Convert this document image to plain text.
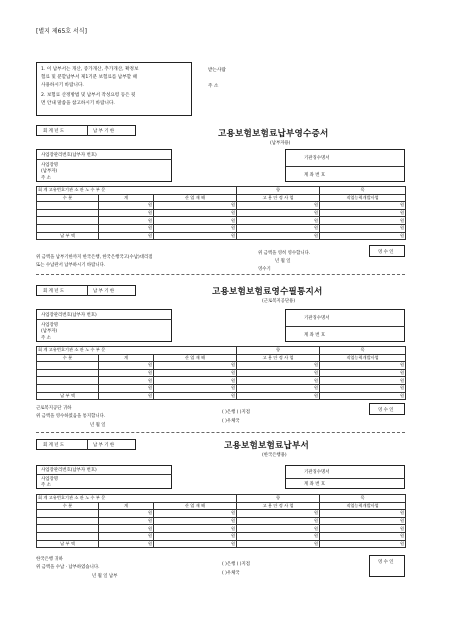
[별지 제65호 서식]
1. 이 납부서는 개산, 증가개산, 추가개산, 확정보
험료 및 분할납부서 제1기분 보험료를 납부할 때
사용하시기 바랍니다.
2. 보험료 산정방법 및 납부서 작성요령 등은 뒷
면 안내 말씀을 참고하시기 바랍니다.
받는사람
주 소
회 계 년 도	납 부 기 한	고용보험보험료납부영수증서
(납부자용)
사업장관리번호(납부자 번호)
사업장명
(납부자)
주 소
기관징수명서
계 좌 번 호
회 계 고유번호기관 소 관 노 수 부 문			항	목
수 분	계	산 업 재 해	고 용 안 정 사 업	직업능력개발사업
	원	원	원	원
	원	원	원	원
	원	원	원	원
	원	원	원	원
납 부 액	원	원	원	원
위 금액을 납부기한까지 한국은행, 한국은행국고(수납)대리점
또는 수납관서 납부하시기 바랍니다.
위 금액을 영히 영수합니다.
년 월 일
영수기
영 수 인
회 계 년 도	납 부 기 한	고용보험보험료영수필통지서
(근로복지공단용)
사업장관리번호(납부자 번호)
사업장명
(납부자)
주 소
기관징수명서
계 좌 번 호
회 계 고유번호기관 소 관 노 수 부 문			항	목
수 분	계	산 업 재 해	고 용 안 정 사 업	직업능력개발사업
	원	원	원	원
	원	원	원	원
	원	원	원	원
	원	원	원	원
납 부 액	원	원	원	원
근로복지공단 귀하
위 금액을 영수하였음을 통지합니다.
년 월 일
( )은행 ( )지점
( )우체국
영 수 인
회 계 년 도	납 부 기 한	고용보험보험료납부서
(한국은행용)
사업장관리번호(납부자 번호)
사업장명
주 소
기관징수명서
계 좌 번 호
회 계 고유번호기관 소 관 노 수 부 문			항	목
수 분	계	산 업 재 해	고 용 안 정 사 업	직업능력개발사업
	원	원	원	원
	원	원	원	원
	원	원	원	원
	원	원	원	원
납 부 액	원	원	원	원
한국은행 귀하
위 금액을 수납 · 납부하였습니다.
년 월 일 납부
( )은행 ( )지점
( )우체국
영 수 인
